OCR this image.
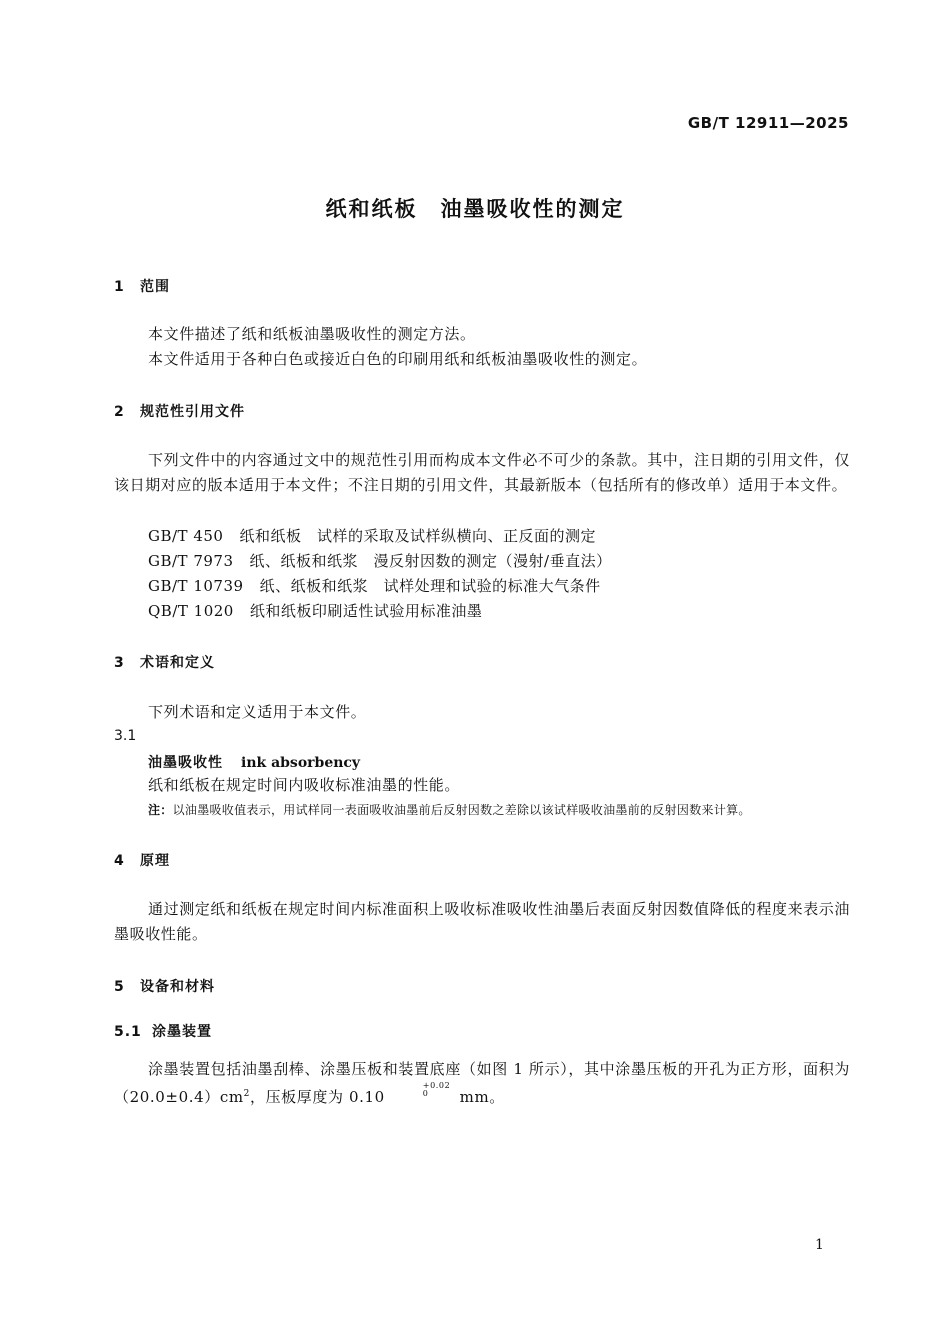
GB/T 12911—2025
纸和纸板　油墨吸收性的测定
1 范围
本文件描述了纸和纸板油墨吸收性的测定方法。
本文件适用于各种白色或接近白色的印刷用纸和纸板油墨吸收性的测定。
2 规范性引用文件
下列文件中的内容通过文中的规范性引用而构成本文件必不可少的条款。其中，注日期的引用文件，仅该日期对应的版本适用于本文件；不注日期的引用文件，其最新版本（包括所有的修改单）适用于本文件。
GB/T 450 纸和纸板　试样的采取及试样纵横向、正反面的测定
GB/T 7973 纸、纸板和纸浆　漫反射因数的测定（漫射/垂直法）
GB/T 10739 纸、纸板和纸浆　试样处理和试验的标准大气条件
QB/T 1020 纸和纸板印刷适性试验用标准油墨
3 术语和定义
下列术语和定义适用于本文件。
3.1
油墨吸收性 ink absorbency
纸和纸板在规定时间内吸收标准油墨的性能。
注：以油墨吸收值表示，用试样同一表面吸收油墨前后反射因数之差除以该试样吸收油墨前的反射因数来计算。
4 原理
通过测定纸和纸板在规定时间内标准面积上吸收标准吸收性油墨后表面反射因数值降低的程度来表示油墨吸收性能。
5 设备和材料
5.1 涂墨装置
涂墨装置包括油墨刮棒、涂墨压板和装置底座（如图 1 所示），其中涂墨压板的开孔为正方形，面积为$(20.0\pm 0.4)cm^2$，压板厚度为 0.10
+0.02
0	mm。
1
